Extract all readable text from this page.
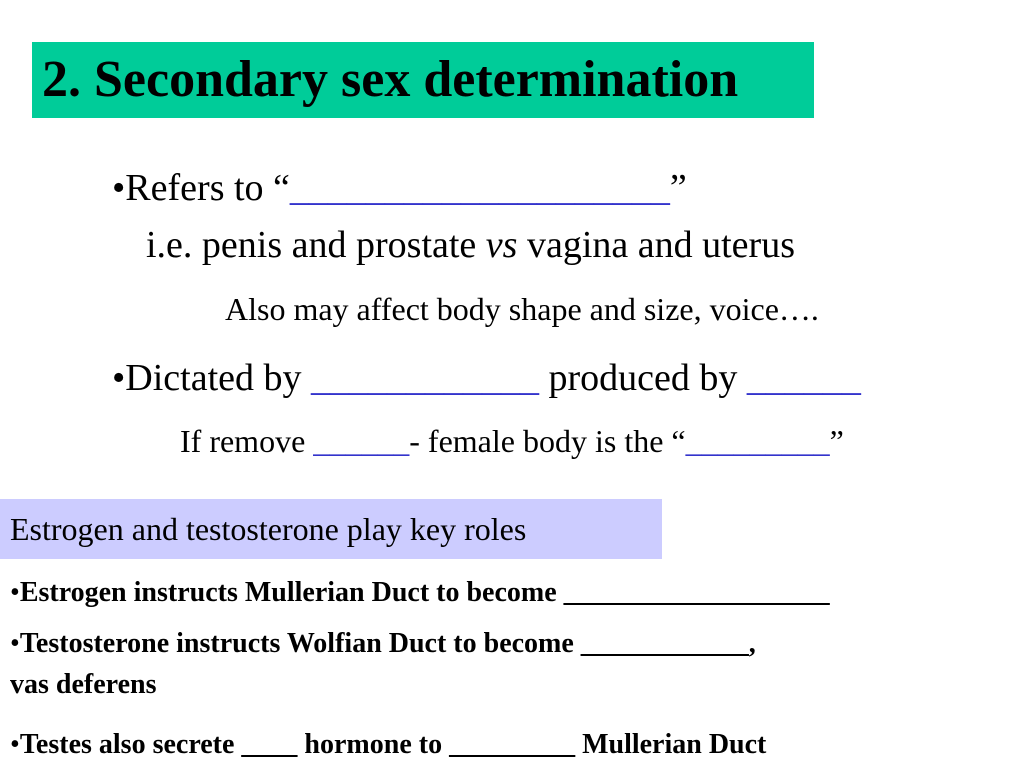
2. Secondary sex determination
•Refers to “____________________”
i.e. penis and prostate vs vagina and uterus
Also may affect body shape and size, voice….
•Dictated by ____________ produced by ______
If remove ______- female body is the “_________”
Estrogen and testosterone play key roles
•Estrogen instructs Mullerian Duct to become ___________________
•Testosterone instructs Wolfian Duct to become ____________,
vas deferens
•Testes also secrete ____ hormone to _________ Mullerian Duct
